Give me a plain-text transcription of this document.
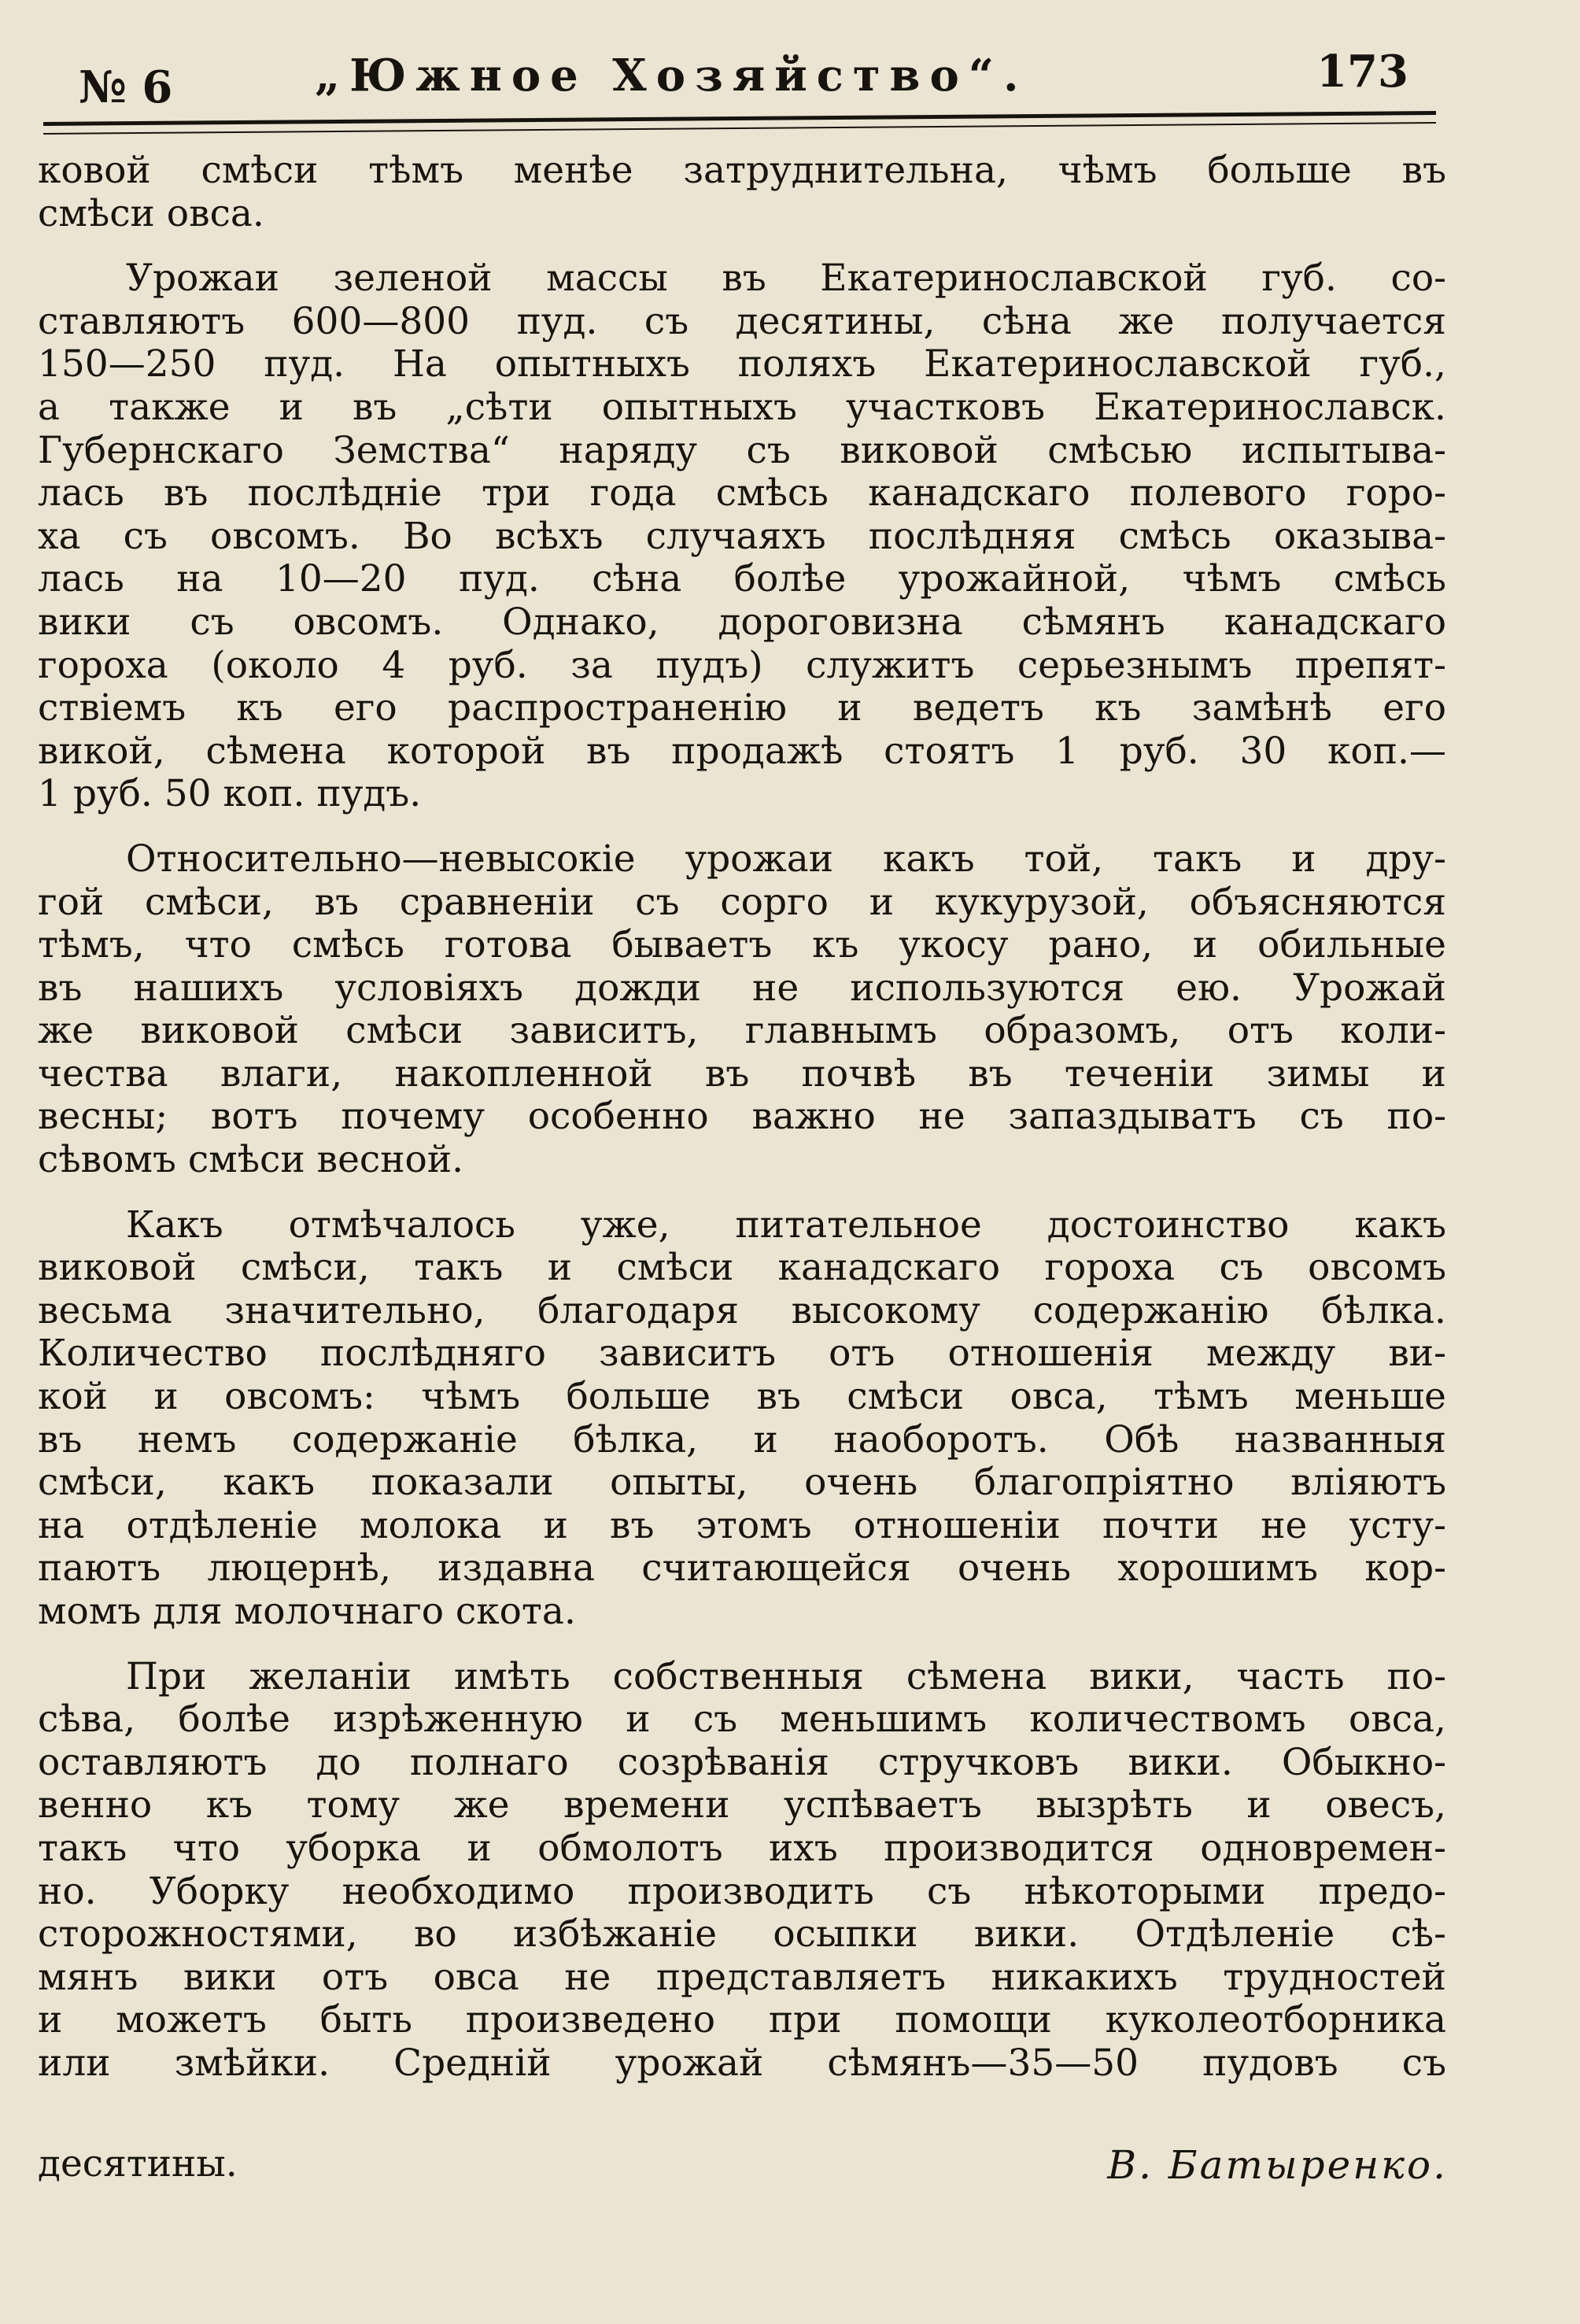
№ 6	„Южное Хозяйство“.	173
ковой смѣси тѣмъ менѣе затруднительна, чѣмъ больше въ
смѣси овса.
Урожаи зеленой массы въ Екатеринославской губ. со-
ставляютъ 600—800 пуд. съ десятины, сѣна же получается
150—250 пуд. На опытныхъ поляхъ Екатеринославской губ.,
а также и въ „сѣти опытныхъ участковъ Екатеринославск.
Губернскаго Земства“ наряду съ виковой смѣсью испытыва-
лась въ послѣдніе три года смѣсь канадскаго полевого горо-
ха съ овсомъ. Во всѣхъ случаяхъ послѣдняя смѣсь оказыва-
лась на 10—20 пуд. сѣна болѣе урожайной, чѣмъ смѣсь
вики съ овсомъ. Однако, дороговизна сѣмянъ канадскаго
гороха (около 4 руб. за пудъ) служитъ серьезнымъ препят-
ствіемъ къ его распространенію и ведетъ къ замѣнѣ его
викой, сѣмена которой въ продажѣ стоятъ 1 руб. 30 коп.—
1 руб. 50 коп. пудъ.
Относительно—невысокіе урожаи какъ той, такъ и дру-
гой смѣси, въ сравненіи съ сорго и кукурузой, объясняются
тѣмъ, что смѣсь готова бываетъ къ укосу рано, и обильные
въ нашихъ условіяхъ дожди не используются ею. Урожай
же виковой смѣси зависитъ, главнымъ образомъ, отъ коли-
чества влаги, накопленной въ почвѣ въ теченіи зимы и
весны; вотъ почему особенно важно не запаздыватъ съ по-
сѣвомъ смѣси весной.
Какъ отмѣчалось уже, питательное достоинство какъ
виковой смѣси, такъ и смѣси канадскаго гороха съ овсомъ
весьма значительно, благодаря высокому содержанію бѣлка.
Количество послѣдняго зависитъ отъ отношенія между ви-
кой и овсомъ: чѣмъ больше въ смѣси овса, тѣмъ меньше
въ немъ содержаніе бѣлка, и наоборотъ. Обѣ названныя
смѣси, какъ показали опыты, очень благопріятно вліяютъ
на отдѣленіе молока и въ этомъ отношеніи почти не усту-
паютъ люцернѣ, издавна считающейся очень хорошимъ кор-
момъ для молочнаго скота.
При желаніи имѣть собственныя сѣмена вики, часть по-
сѣва, болѣе изрѣженную и съ меньшимъ количествомъ овса,
оставляютъ до полнаго созрѣванія стручковъ вики. Обыкно-
венно къ тому же времени успѣваетъ вызрѣть и овесъ,
такъ что уборка и обмолотъ ихъ производится одновремен-
но. Уборку необходимо производить съ нѣкоторыми предо-
сторожностями, во избѣжаніе осыпки вики. Отдѣленіе сѣ-
мянъ вики отъ овса не представляетъ никакихъ трудностей
и можетъ быть произведено при помощи куколеотборника
или змѣйки. Средній урожай сѣмянъ—35—50 пудовъ съ
десятины.	В. Батыренко.
